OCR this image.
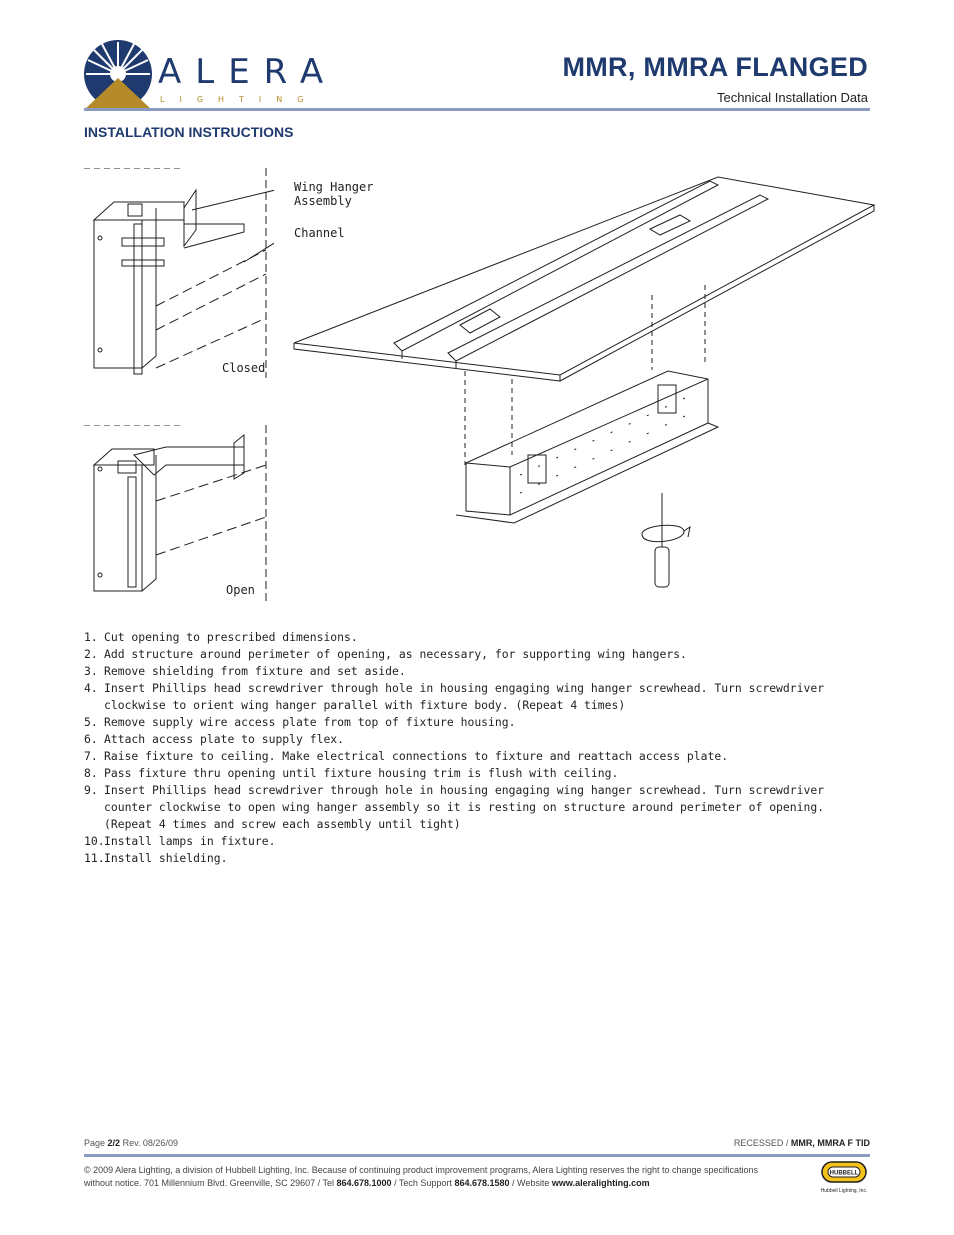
ALERA
LIGHTING
MMR, MMRA FLANGED
Technical Installation Data
INSTALLATION INSTRUCTIONS
Wing Hanger
Assembly
Channel
Closed
Open
1. Cut opening to prescribed dimensions.
2. Add structure around perimeter of opening, as necessary, for supporting wing hangers.
3. Remove shielding from fixture and set aside.
4. Insert Phillips head screwdriver through hole in housing engaging wing hanger screwhead. Turn screwdriver clockwise to orient wing hanger parallel with fixture body. (Repeat 4 times)
5. Remove supply wire access plate from top of fixture housing.
6. Attach access plate to supply flex.
7. Raise fixture to ceiling. Make electrical connections to fixture and reattach access plate.
8. Pass fixture thru opening until fixture housing trim is flush with ceiling.
9. Insert Phillips head screwdriver through hole in housing engaging wing hanger screwhead. Turn screwdriver counter clockwise to open wing hanger assembly so it is resting on structure around perimeter of opening. (Repeat 4 times and screw each assembly until tight)
10. Install lamps in fixture.
11. Install shielding.
Page 2/2 Rev. 08/26/09	RECESSED / MMR, MMRA F TID
© 2009 Alera Lighting, a division of Hubbell Lighting, Inc. Because of continuing product improvement programs, Alera Lighting reserves the right to change specifications without notice. 701 Millennium Blvd. Greenville, SC 29607 / Tel 864.678.1000 / Tech Support 864.678.1580 / Website www.aleralighting.com
HUBBELL
Hubbell Lighting, Inc.
